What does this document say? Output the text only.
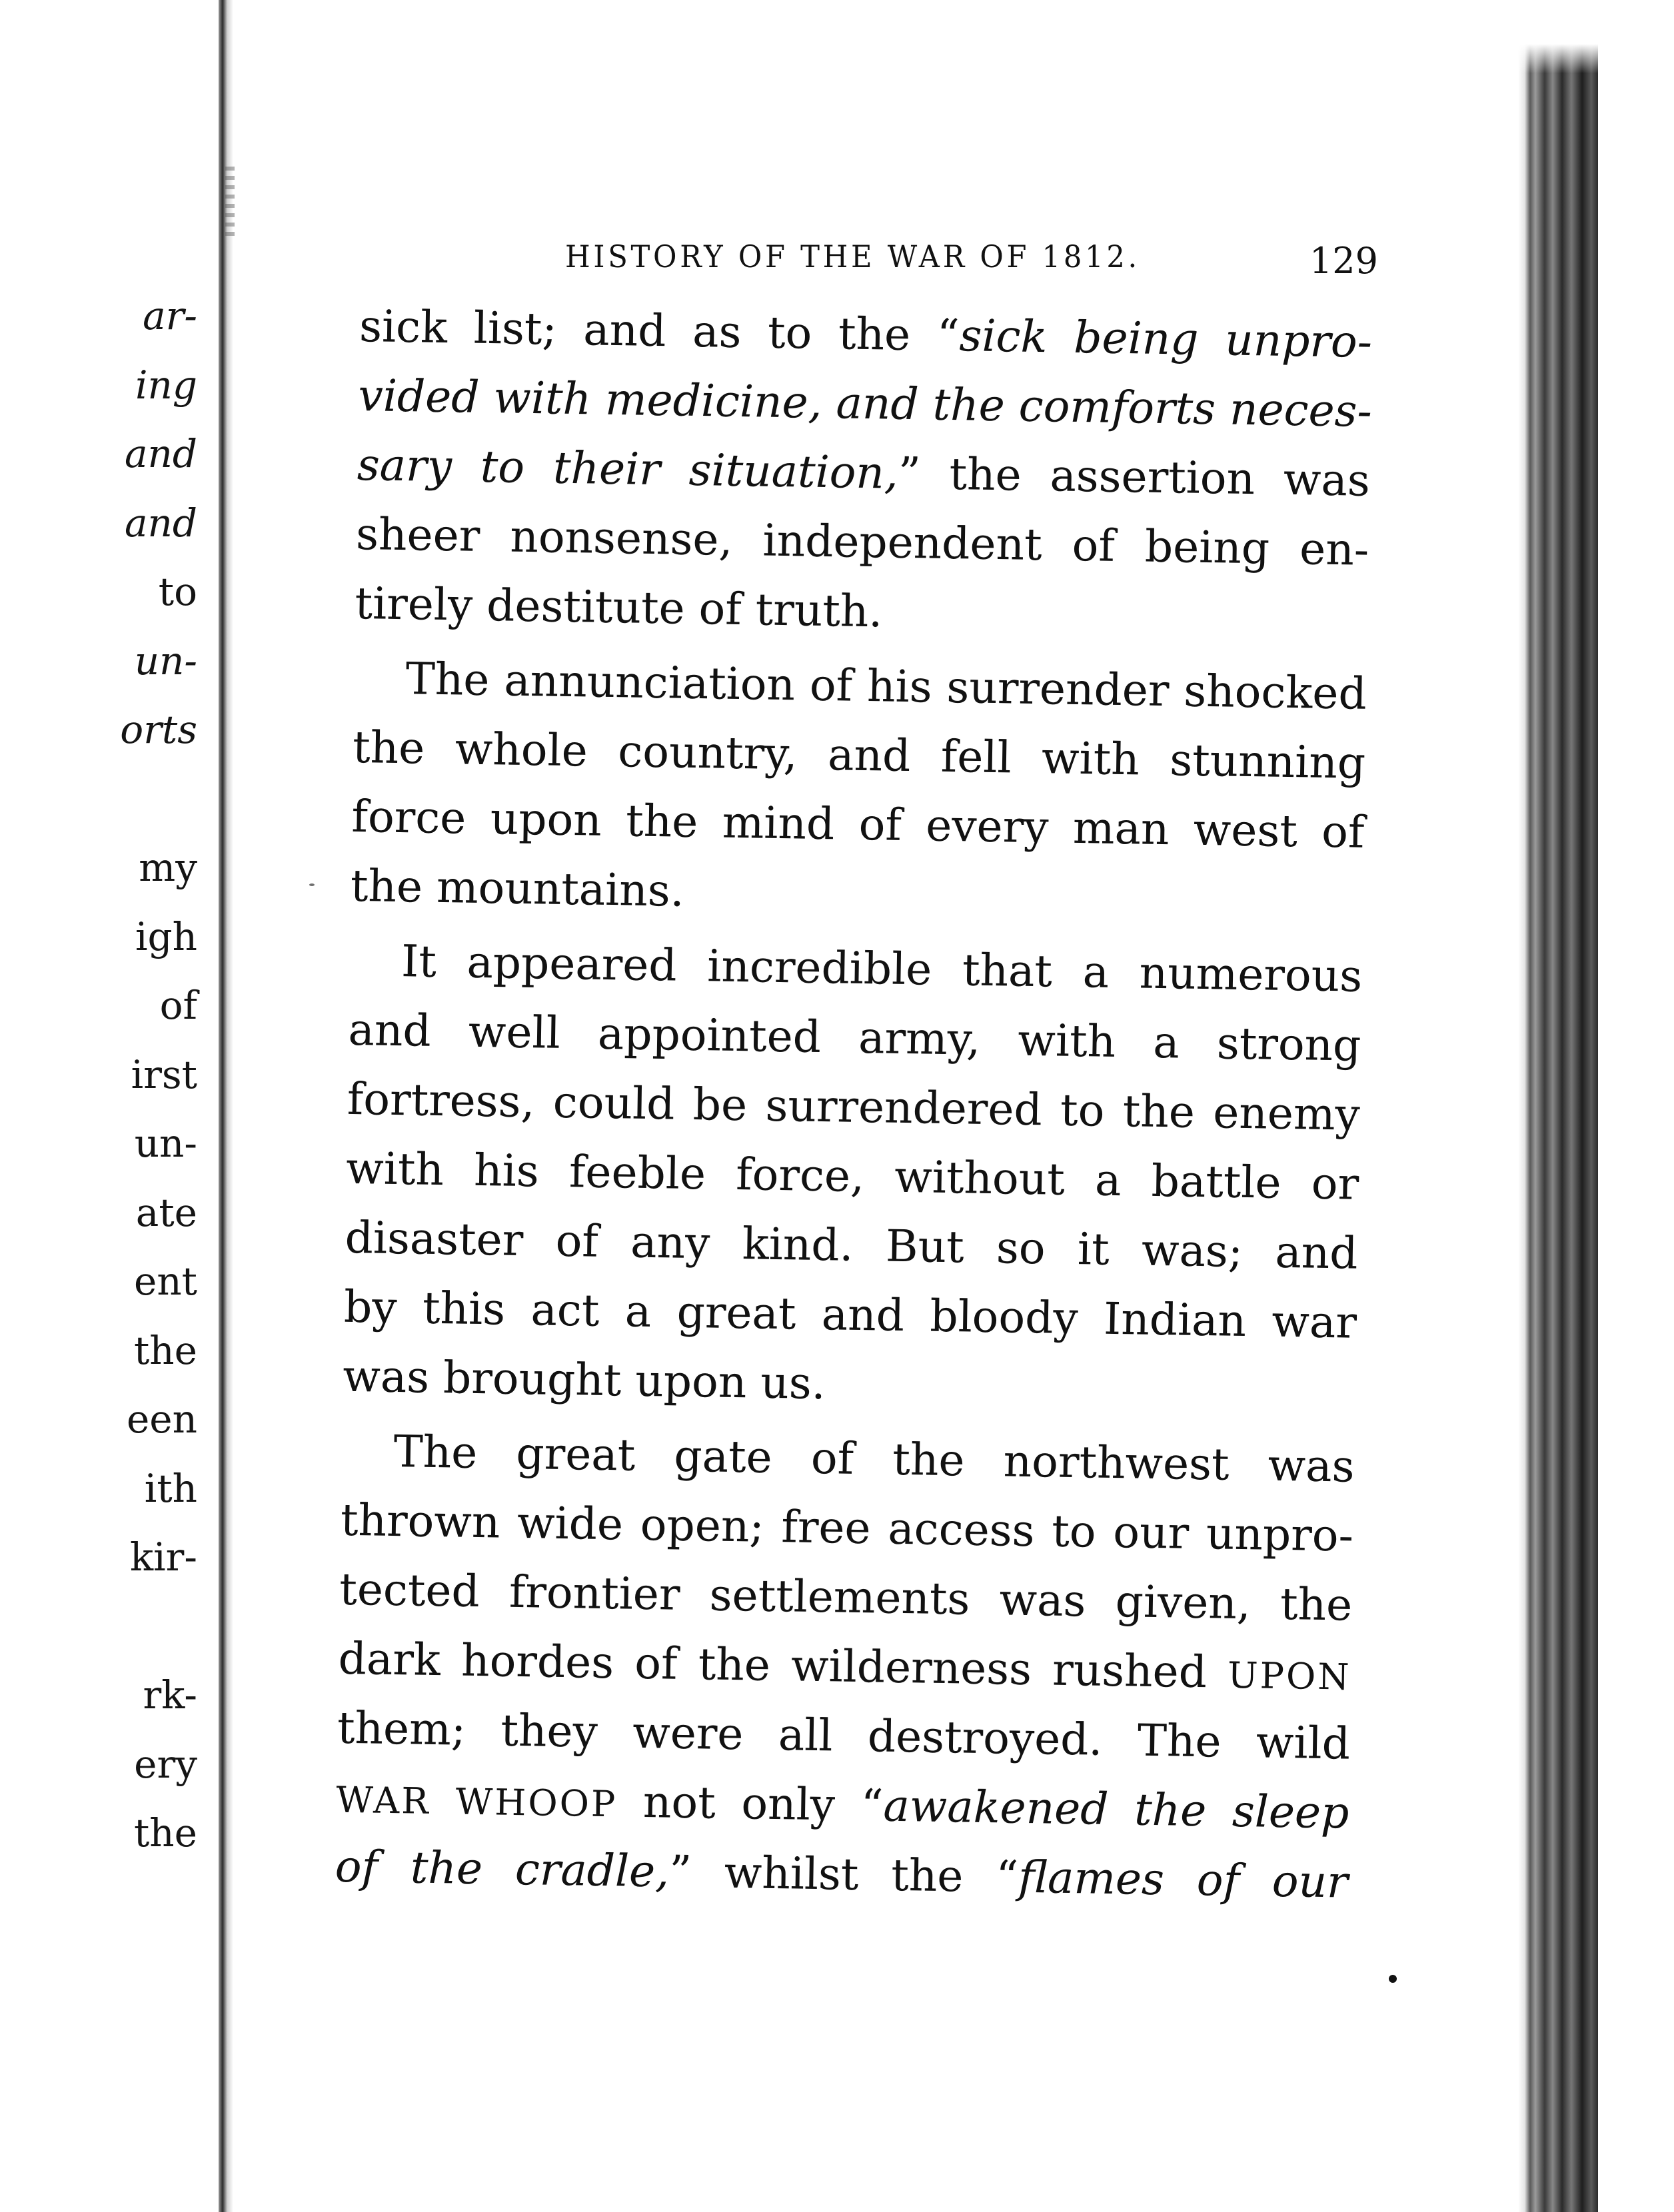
ar-
ing
and
and
to
un-
orts
my
igh
of
irst
un-
ate
ent
the
een
ith
kir-
rk-
ery
the
HISTORY OF THE WAR OF 1812.	129
sick list; and as to the “sick being unpro-
vided with medicine, and the comforts neces-
sary to their situation,” the assertion was
sheer nonsense, independent of being en-
tirely destitute of truth.
The annunciation of his surrender shocked
the whole country, and fell with stunning
force upon the mind of every man west of
the mountains.
It appeared incredible that a numerous
and well appointed army, with a strong
fortress, could be surrendered to the enemy
with his feeble force, without a battle or
disaster of any kind. But so it was; and
by this act a great and bloody Indian war
was brought upon us.
The great gate of the northwest was
thrown wide open; free access to our unpro-
tected frontier settlements was given, the
dark hordes of the wilderness rushed UPON
them; they were all destroyed. The wild
WAR WHOOP not only “awakened the sleep
of the cradle,” whilst the “flames of our
